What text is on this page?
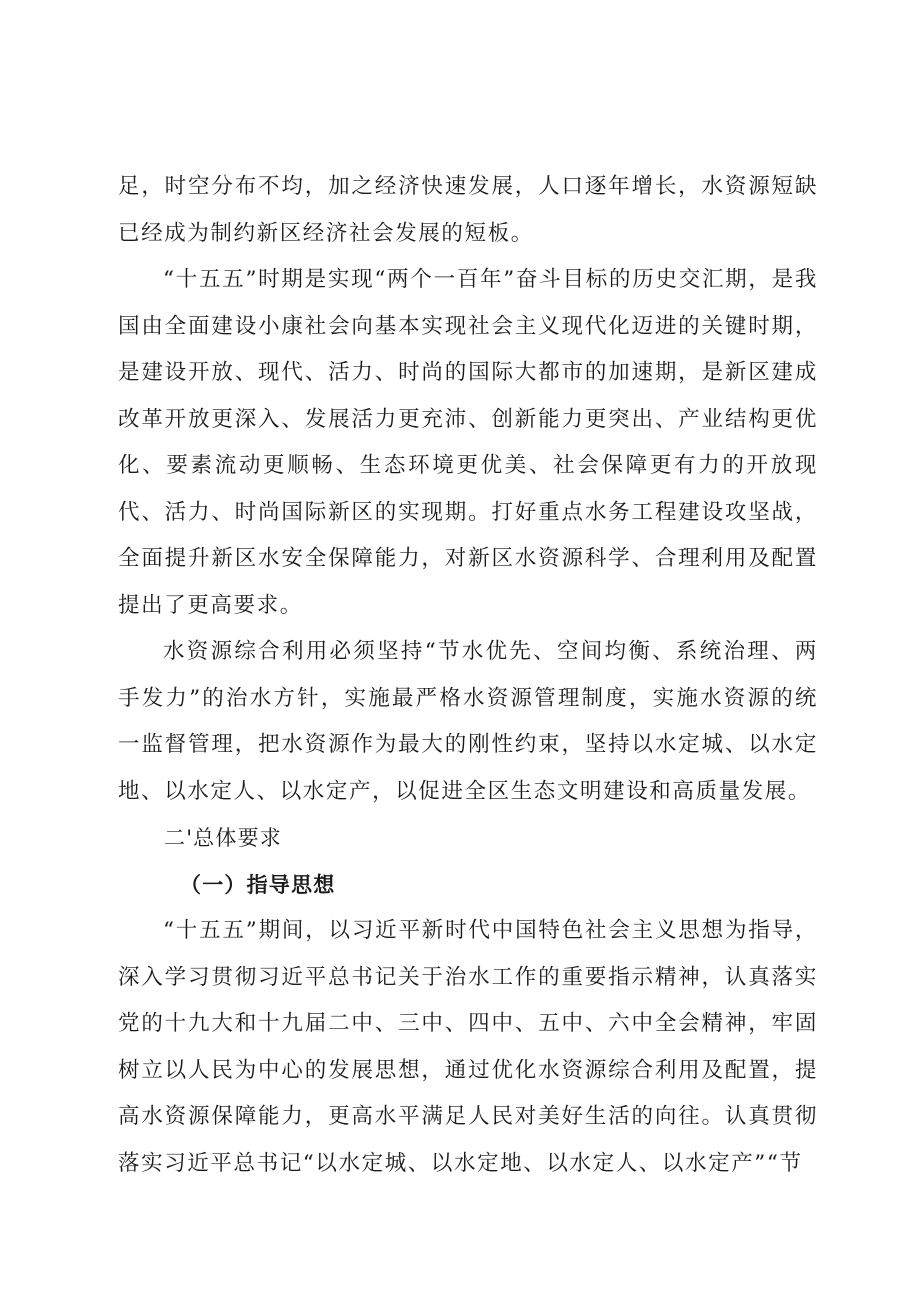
足，时空分布不均，加之经济快速发展，人口逐年增长，水资源短缺已经成为制约新区经济社会发展的短板。

“十五五”时期是实现“两个一百年”奋斗目标的历史交汇期，是我国由全面建设小康社会向基本实现社会主义现代化迈进的关键时期，是建设开放、现代、活力、时尚的国际大都市的加速期，是新区建成改革开放更深入、发展活力更充沛、创新能力更突出、产业结构更优化、要素流动更顺畅、生态环境更优美、社会保障更有力的开放现代、活力、时尚国际新区的实现期。打好重点水务工程建设攻坚战，全面提升新区水安全保障能力，对新区水资源科学、合理利用及配置提出了更高要求。

水资源综合利用必须坚持“节水优先、空间均衡、系统治理、两手发力”的治水方针，实施最严格水资源管理制度，实施水资源的统一监督管理，把水资源作为最大的刚性约束，坚持以水定城、以水定地、以水定人、以水定产，以促进全区生态文明建设和高质量发展。

二'总体要求
（一）指导思想

“十五五”期间，以习近平新时代中国特色社会主义思想为指导，深入学习贯彻习近平总书记关于治水工作的重要指示精神，认真落实党的十九大和十九届二中、三中、四中、五中、六中全会精神，牢固树立以人民为中心的发展思想，通过优化水资源综合利用及配置，提高水资源保障能力，更高水平满足人民对美好生活的向往。认真贯彻落实习近平总书记“以水定城、以水定地、以水定人、以水定产”“节
